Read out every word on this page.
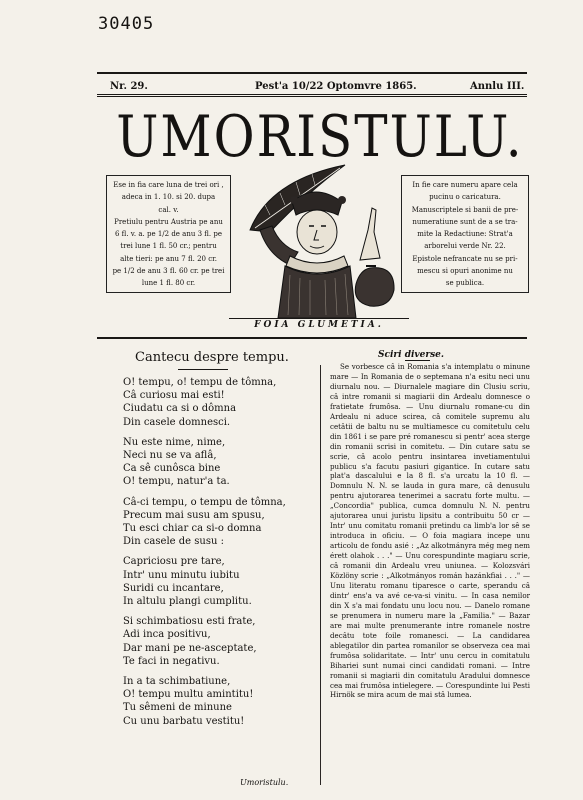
30405
Nr. 29.	Pest'a 10/22 Optomvre 1865.	Annlu III.
UMORISTULU.

Ese in fia care luna de trei ori ,

adeca in 1. 10. si 20. dupa

cal. v.

Pretiulu pentru Austria pe anu

6 fl. v. a. pe 1/2 de anu 3 fl. pe

trei lune 1 fl. 50 cr.; pentru

alte tieri: pe anu 7 fl. 20 cr.

pe 1/2 de anu 3 fl. 60 cr. pe trei

lune 1 fl. 80 cr.

In fie care numeru apare cela

pucinu o caricatura.

Manuscriptele si banii de pre-

numeratiune sunt de a se tra-

mite la Redactiune: Strat'a

arborelui verde Nr. 22.

Epistole nefrancate nu se pri-

mescu si opuri anonime nu

se publica.

FOIA GLUMETIA.
Cantecu despre tempu.
O! tempu, o! tempu de tômna,
Câ curiosu mai esti!
Ciudatu ca si o dômna
Din casele domnesci.
Nu este nime, nime,
Neci nu se va aflâ,
Ca sê cunôsca bine
O! tempu, natur'a ta.
Câ-ci tempu, o tempu de tômna,
Precum mai susu am spusu,
Tu esci chiar ca si-o domna
Din casele de susu :
Capriciosu pre tare,
Intr' unu minutu iubitu
Suridi cu incantare,
In altulu plangi cumplitu.
Si schimbatiosu esti frate,
Adi inca positivu,
Dar mani pe ne-asceptate,
Te faci in negativu.
In a ta schimbatiune,
O! tempu multu amintitu!
Tu sêmeni de minune
Cu unu barbatu vestitu!
Umoristulu.
Sciri diverse.

Se vorbesce câ in Romania s'a intemplatu o minune mare — In Romania de o septemana n'a esitu neci unu diurnalu nou. — Diurnalele magiare din Clusiu scriu, câ intre romanii si magiarii din Ardealu domnesce o fratietate frumôsa. — Unu diurnalu romane-cu din Ardealu ni aduce scirea, câ comitele supremu alu cetâtii de baltu nu se multiamesce cu comitetulu celu din 1861 i se pare pré romanescu si pentr' acea sterge din romanii scrisi in comitetu. — Din cutare satu se scrie, câ acolo pentru insintarea invetiamentului publicu s'a facutu pasiuri gigantice. In cutare satu plat'a dascalului e la 8 fl. s'a urcatu la 10 fl. — Domnulu N. N. se lauda in gura mare, câ denusulu pentru ajutorarea tenerimei a sacratu forte multu. — „Concordia" publica, cumca domnulu N. N. pentru ajutorarea unui juristu lipsitu a contribuitu 50 cr — Intr' unu comitatu romanii pretindu ca limb'a lor sê se introduca in oficiu. — O foia magiara incepe unu articolu de fondu asié : „Az alkotmányra még meg nem érett olahok . . ." — Unu corespundinte magiaru scrie, câ romanii din Ardealu vreu uniunea. — Kolozsvári Közlöny scrie : „Alkotmányos román hazánkfiai . . ." — Unu literatu romanu tiparesce o carte, sperandu câ dintr' ens'a va avé ce-va-si vinitu. — In casa nemilor din X s'a mai fondatu unu locu nou. — Danelo romane se prenumera in numeru mare la „Familia." — Bazar are mai multe prenumerante intre romanele nostre decâtu tote foile romanesci. — La candidarea ablegatilor din partea romanilor se observeza cea mai frumôsa solidaritate. — Intr' unu cercu in comitatulu Bihariei sunt numai cinci candidati romani. — Intre romanii si magiarii din comitatulu Aradului domnesce cea mai frumôsa intielegere. — Corespundinte lui Pesti Hirnök se mira acum de mai stâ lumea.
